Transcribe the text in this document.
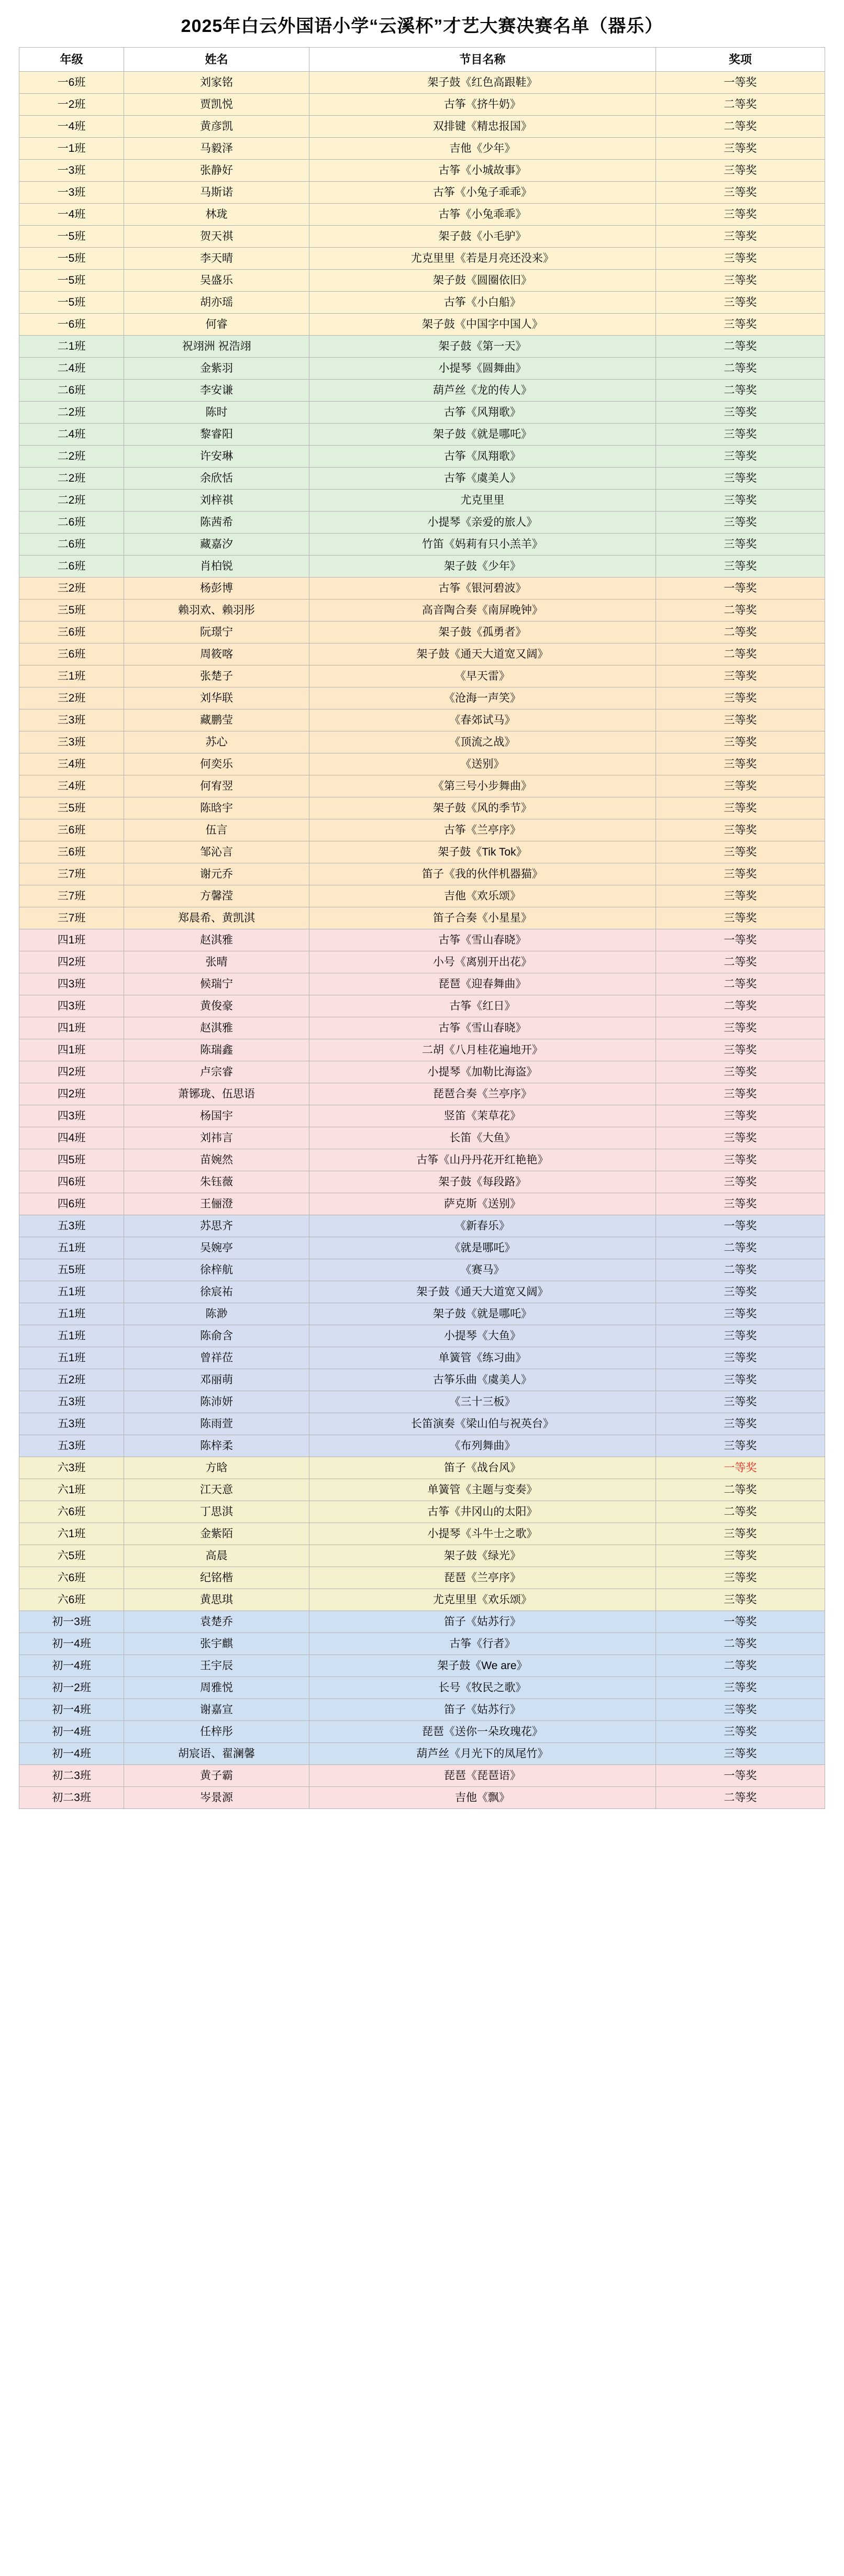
2025年白云外国语小学“云溪杯”才艺大赛决赛名单（器乐）
年级	姓名	节目名称	奖项
一6班	刘家铭	架子鼓《红色高跟鞋》	一等奖
一2班	贾凯悦	古筝《挤牛奶》	二等奖
一4班	黄彦凯	双排键《精忠报国》	二等奖
一1班	马毅泽	吉他《少年》	三等奖
一3班	张静好	古筝《小城故事》	三等奖
一3班	马斯诺	古筝《小兔子乖乖》	三等奖
一4班	林珑	古筝《小兔乖乖》	三等奖
一5班	贺天祺	架子鼓《小毛驴》	三等奖
一5班	李天晴	尤克里里《若是月亮还没来》	三等奖
一5班	吴盛乐	架子鼓《圆圈依旧》	三等奖
一5班	胡亦瑶	古筝《小白船》	三等奖
一6班	何睿	架子鼓《中国字中国人》	三等奖
二1班	祝翊洲 祝浩翊	架子鼓《第一天》	二等奖
二4班	金紫羽	小提琴《圆舞曲》	二等奖
二6班	李安谦	葫芦丝《龙的传人》	二等奖
二2班	陈时	古筝《风翔歌》	三等奖
二4班	黎睿阳	架子鼓《就是哪吒》	三等奖
二2班	许安琳	古筝《凤翔歌》	三等奖
二2班	余欣恬	古筝《虞美人》	三等奖
二2班	刘梓祺	尤克里里	三等奖
二6班	陈茜希	小提琴《亲爱的旅人》	三等奖
二6班	藏嘉汐	竹笛《妈莉有只小羔羊》	三等奖
二6班	肖柏锐	架子鼓《少年》	三等奖
三2班	杨彭博	古筝《银河碧波》	一等奖
三5班	赖羽欢、赖羽彤	高音陶合奏《南屏晚钟》	二等奖
三6班	阮璟宁	架子鼓《孤勇者》	二等奖
三6班	周筱喀	架子鼓《通天大道宽又阔》	二等奖
三1班	张楚子	《早天雷》	三等奖
三2班	刘华联	《沧海一声笑》	三等奖
三3班	藏鹏莹	《春郊试马》	三等奖
三3班	苏心	《顶流之战》	三等奖
三4班	何奕乐	《送别》	三等奖
三4班	何宥翌	《第三号小步舞曲》	三等奖
三5班	陈晗宇	架子鼓《风的季节》	三等奖
三6班	伍言	古筝《兰亭序》	三等奖
三6班	邹沁言	架子鼓《Tik Tok》	三等奖
三7班	谢元乔	笛子《我的伙伴机器猫》	三等奖
三7班	方馨滢	吉他《欢乐颂》	三等奖
三7班	郑晨希、黄凯淇	笛子合奏《小星星》	三等奖
四1班	赵淇雅	古筝《雪山春晓》	一等奖
四2班	张晴	小号《离别开出花》	二等奖
四3班	候瑞宁	琵琶《迎春舞曲》	二等奖
四3班	黄俊豪	古筝《红日》	二等奖
四1班	赵淇雅	古筝《雪山春晓》	三等奖
四1班	陈瑞鑫	二胡《八月桂花遍地开》	三等奖
四2班	卢宗睿	小提琴《加勒比海盗》	三等奖
四2班	萧铘珑、伍思语	琵琶合奏《兰亭序》	三等奖
四3班	杨国宇	竖笛《茉草花》	三等奖
四4班	刘祎言	长笛《大鱼》	三等奖
四5班	苗婉然	古筝《山丹丹花开红艳艳》	三等奖
四6班	朱钰薇	架子鼓《每段路》	三等奖
四6班	王俪澄	萨克斯《送别》	三等奖
五3班	苏思齐	《新春乐》	一等奖
五1班	吴婉亭	《就是哪吒》	二等奖
五5班	徐梓航	《赛马》	二等奖
五1班	徐宸祐	架子鼓《通天大道宽又阔》	三等奖
五1班	陈渺	架子鼓《就是哪吒》	三等奖
五1班	陈俞含	小提琴《大鱼》	三等奖
五1班	曾祥莅	单簧管《练习曲》	三等奖
五2班	邓丽萌	古筝乐曲《虞美人》	三等奖
五3班	陈沛妍	《三十三板》	三等奖
五3班	陈雨萱	长笛演奏《梁山伯与祝英台》	三等奖
五3班	陈梓柔	《布列舞曲》	三等奖
六3班	方晗	笛子《战台风》	一等奖
六1班	江天意	单簧管《主题与变奏》	二等奖
六6班	丁思淇	古筝《井冈山的太阳》	二等奖
六1班	金紫陌	小提琴《斗牛士之歌》	三等奖
六5班	高晨	架子鼓《绿光》	三等奖
六6班	纪铭楷	琵琶《兰亭序》	三等奖
六6班	黄思琪	尤克里里《欢乐颂》	三等奖
初一3班	袁楚乔	笛子《姑苏行》	一等奖
初一4班	张宇麒	古筝《行者》	二等奖
初一4班	王宇辰	架子鼓《We are》	二等奖
初一2班	周雅悦	长号《牧民之歌》	三等奖
初一4班	谢嘉宣	笛子《姑苏行》	三等奖
初一4班	任梓彤	琵琶《送你一朵玫瑰花》	三等奖
初一4班	胡宸语、翟澜馨	葫芦丝《月光下的凤尾竹》	三等奖
初二3班	黄子霸	琵琶《琵琶语》	一等奖
初二3班	岑景源	吉他《飘》	二等奖
